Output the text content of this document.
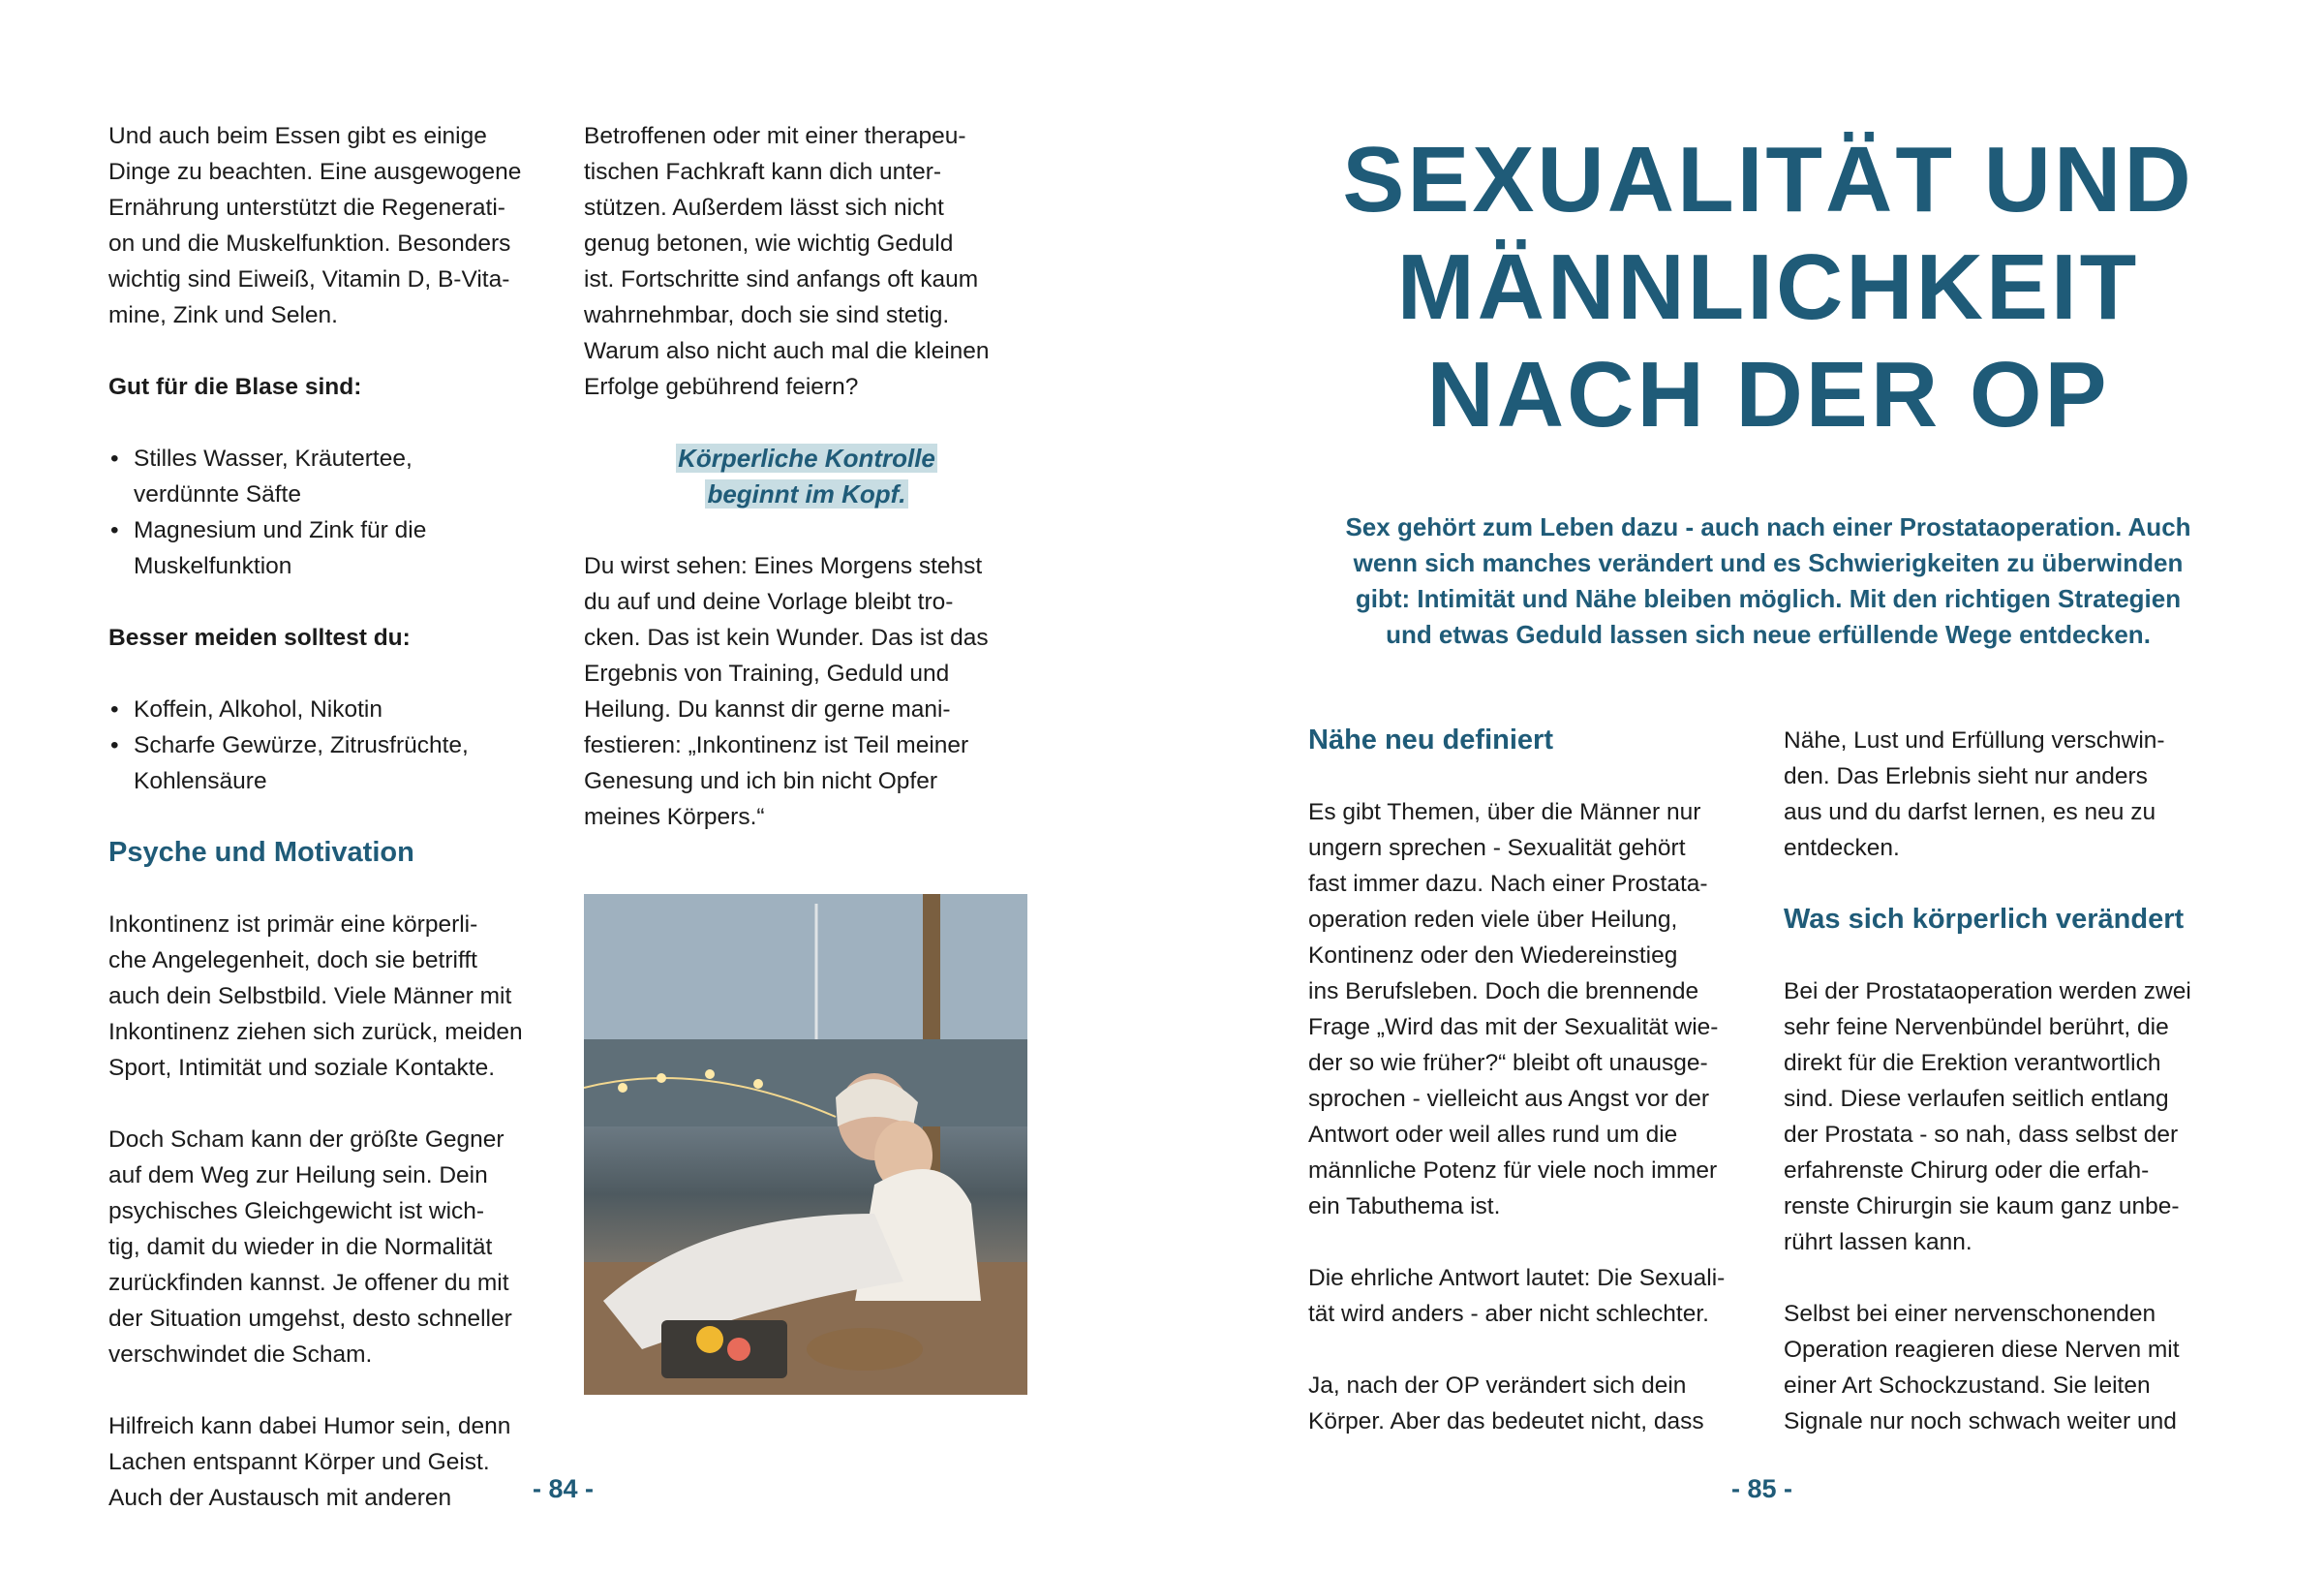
Und auch beim Essen gibt es einige
Dinge zu beachten. Eine ausgewogene
Ernährung unterstützt die Regenerati-
on und die Muskelfunktion. Besonders
wichtig sind Eiweiß, Vitamin D, B-Vita-
mine, Zink und Selen.
Gut für die Blase sind:
• Stilles Wasser, Kräutertee,
verdünnte Säfte
• Magnesium und Zink für die
Muskelfunktion
Besser meiden solltest du:
• Koffein, Alkohol, Nikotin
• Scharfe Gewürze, Zitrusfrüchte,
Kohlensäure
Psyche und Motivation
Inkontinenz ist primär eine körperli-
che Angelegenheit, doch sie betrifft
auch dein Selbstbild. Viele Männer mit
Inkontinenz ziehen sich zurück, meiden
Sport, Intimität und soziale Kontakte.
Doch Scham kann der größte Gegner
auf dem Weg zur Heilung sein. Dein
psychisches Gleichgewicht ist wich-
tig, damit du wieder in die Normalität
zurückfinden kannst. Je offener du mit
der Situation umgehst, desto schneller
verschwindet die Scham.
Hilfreich kann dabei Humor sein, denn
Lachen entspannt Körper und Geist.
Auch der Austausch mit anderen
Betroffenen oder mit einer therapeu-
tischen Fachkraft kann dich unter-
stützen. Außerdem lässt sich nicht
genug betonen, wie wichtig Geduld
ist. Fortschritte sind anfangs oft kaum
wahrnehmbar, doch sie sind stetig.
Warum also nicht auch mal die kleinen
Erfolge gebührend feiern?
Körperliche Kontrolle
beginnt im Kopf.
Du wirst sehen: Eines Morgens stehst
du auf und deine Vorlage bleibt tro-
cken. Das ist kein Wunder. Das ist das
Ergebnis von Training, Geduld und
Heilung. Du kannst dir gerne mani-
festieren: „Inkontinenz ist Teil meiner
Genesung und ich bin nicht Opfer
meines Körpers.“
- 84 -
SEXUALITÄT UND
MÄNNLICHKEIT
NACH DER OP
Sex gehört zum Leben dazu - auch nach einer Prostataoperation. Auch
wenn sich manches verändert und es Schwierigkeiten zu überwinden
gibt: Intimität und Nähe bleiben möglich. Mit den richtigen Strategien
und etwas Geduld lassen sich neue erfüllende Wege entdecken.
Nähe neu definiert
Es gibt Themen, über die Männer nur
ungern sprechen - Sexualität gehört
fast immer dazu. Nach einer Prostata-
operation reden viele über Heilung,
Kontinenz oder den Wiedereinstieg
ins Berufsleben. Doch die brennende
Frage „Wird das mit der Sexualität wie-
der so wie früher?“ bleibt oft unausge-
sprochen - vielleicht aus Angst vor der
Antwort oder weil alles rund um die
männliche Potenz für viele noch immer
ein Tabuthema ist.
Die ehrliche Antwort lautet: Die Sexuali-
tät wird anders - aber nicht schlechter.
Ja, nach der OP verändert sich dein
Körper. Aber das bedeutet nicht, dass
Nähe, Lust und Erfüllung verschwin-
den. Das Erlebnis sieht nur anders
aus und du darfst lernen, es neu zu
entdecken.
Was sich körperlich verändert
Bei der Prostataoperation werden zwei
sehr feine Nervenbündel berührt, die
direkt für die Erektion verantwortlich
sind. Diese verlaufen seitlich entlang
der Prostata - so nah, dass selbst der
erfahrenste Chirurg oder die erfah-
renste Chirurgin sie kaum ganz unbe-
rührt lassen kann.
Selbst bei einer nervenschonenden
Operation reagieren diese Nerven mit
einer Art Schockzustand. Sie leiten
Signale nur noch schwach weiter und
- 85 -
